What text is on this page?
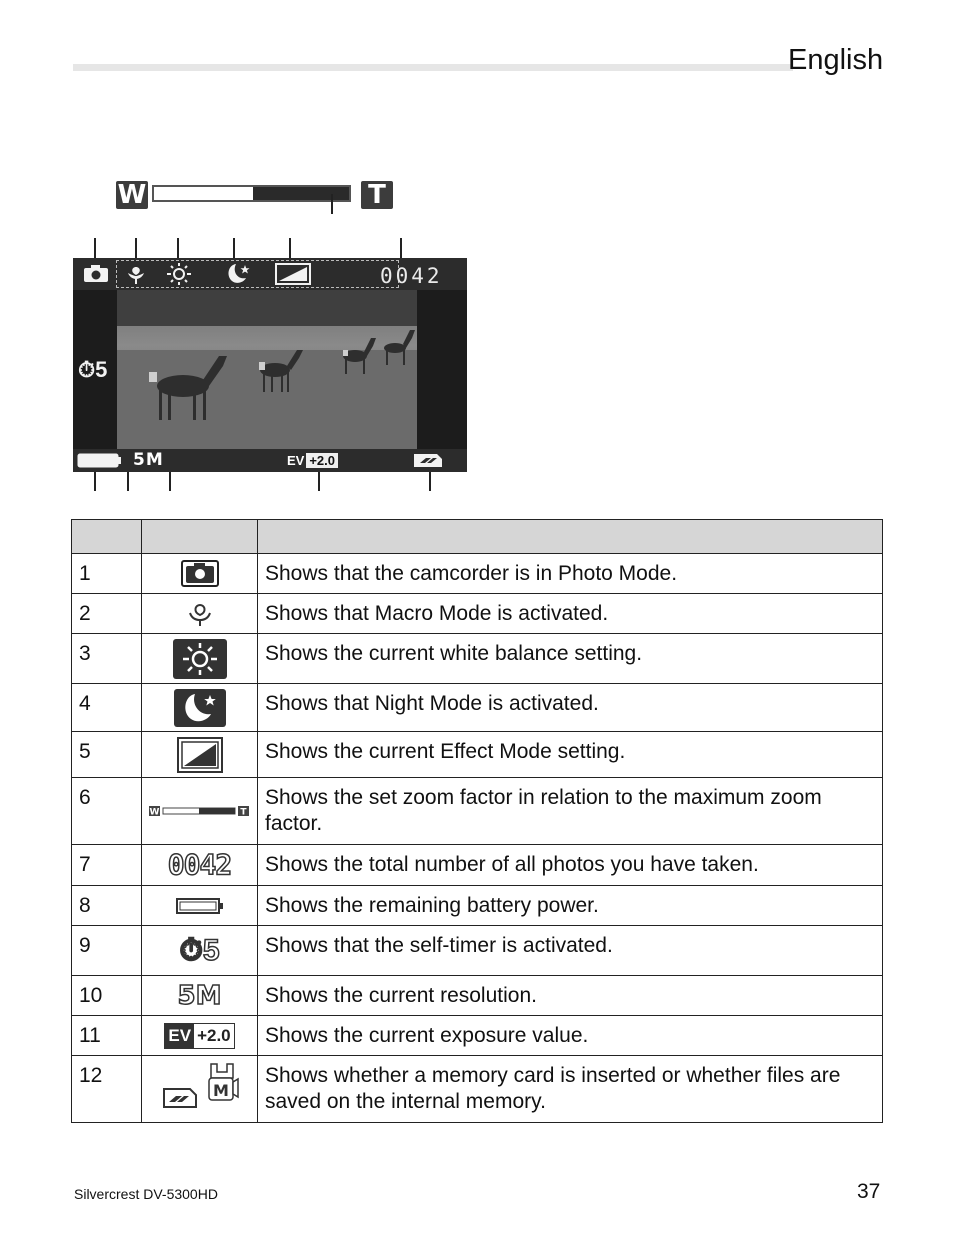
English
W	T
0042
⏱5
5M	EV +2.0

1		Shows that the camcorder is in Photo Mode.
2		Shows that Macro Mode is activated.
3		Shows the current white balance setting.
4		Shows that Night Mode is activated.
5		Shows the current Effect Mode setting.
6	W T	Shows the set zoom factor in relation to the maximum zoom factor.
7	0042	Shows the total number of all photos you have taken.
8		Shows the remaining battery power.
9	⏱5	Shows that the self-timer is activated.
10	5M	Shows the current resolution.
11	EV +2.0	Shows the current exposure value.
12	M	Shows whether a memory card is inserted or whether files are saved on the internal memory.
Silvercrest DV-5300HD	37
